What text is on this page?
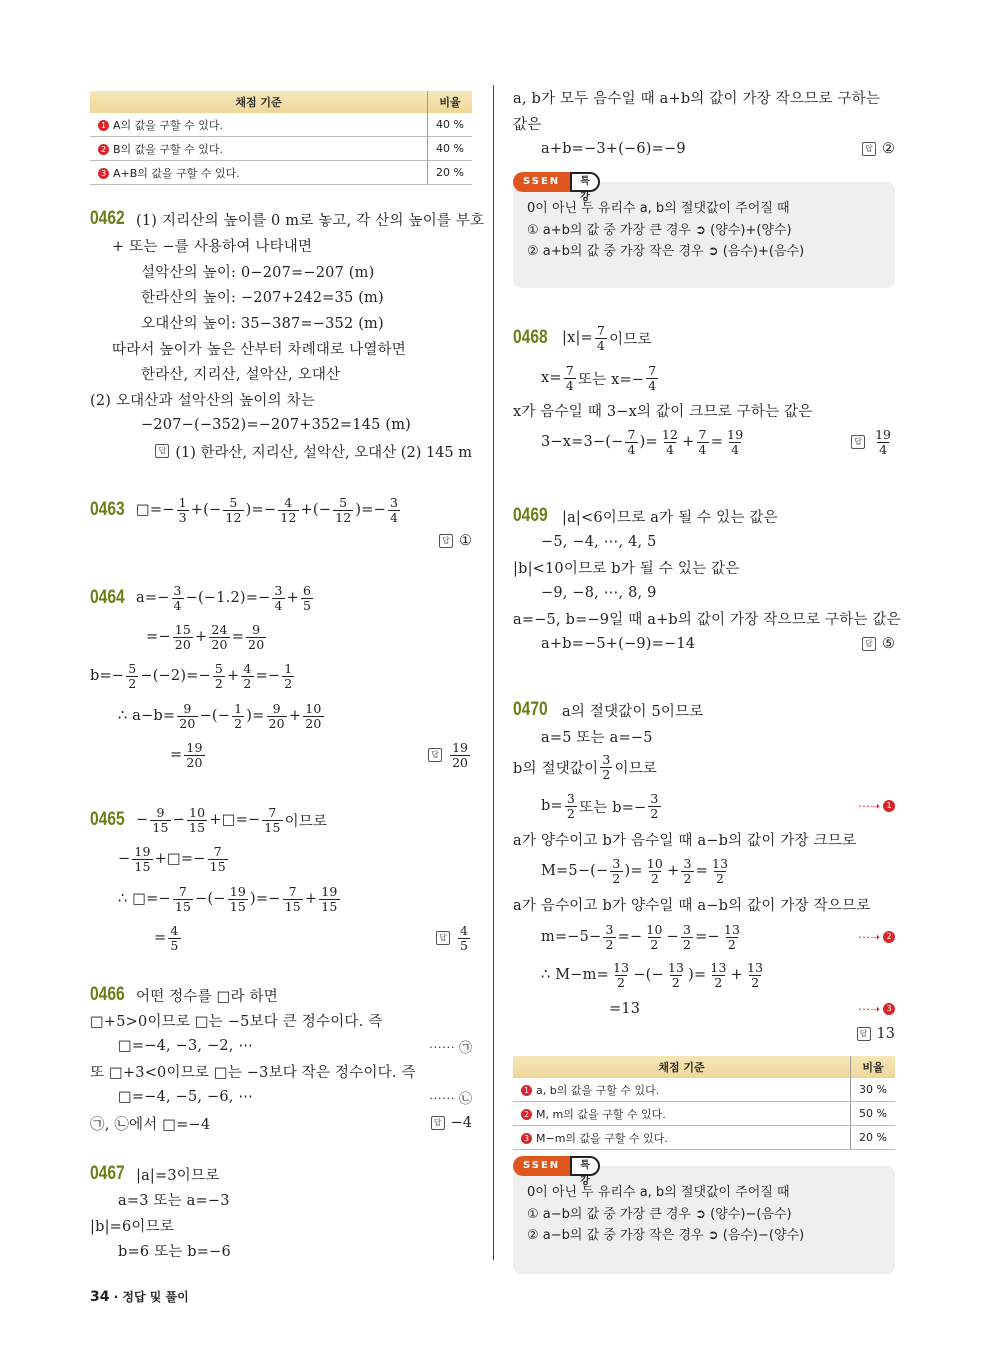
채점 기준	비율
1 A의 값을 구할 수 있다.	40 %
2 B의 값을 구할 수 있다.	40 %
3 A+B의 값을 구할 수 있다.	20 %
채점 기준	비율
1 a, b의 값을 구할 수 있다.	30 %
2 M, m의 값을 구할 수 있다.	50 %
3 M−m의 값을 구할 수 있다.	20 %
SSEN	특강
0이 아닌 두 유리수 a, b의 절댓값이 주어질 때
① a+b의 값 중 가장 큰 경우 ➲ (양수)+(양수)
② a+b의 값 중 가장 작은 경우 ➲ (음수)+(음수)
SSEN	특강
0이 아닌 두 유리수 a, b의 절댓값이 주어질 때
① a−b의 값 중 가장 큰 경우 ➲ (양수)−(음수)
② a−b의 값 중 가장 작은 경우 ➲ (음수)−(양수)
0462 (1) 지리산의 높이를 0 m로 놓고, 각 산의 높이를 부호
+ 또는 −를 사용하여 나타내면
설악산의 높이: 0−207=−207 (m)
한라산의 높이: −207+242=35 (m)
오대산의 높이: 35−387=−352 (m)
따라서 높이가 높은 산부터 차례대로 나열하면
한라산, 지리산, 설악산, 오대산
(2) 오대산과 설악산의 높이의 차는
−207−(−352)=−207+352=145 (m)
답 (1) 한라산, 지리산, 설악산, 오대산 (2) 145 m
0463 □=− $\frac{1}{3}$ +(− $\frac{5}{12}$ )=− $\frac{4}{12}$ +(− $\frac{5}{12}$ )=− $\frac{3}{4}$
답 ①
0464 $a=- \frac{3}{4} -(-1.2)=- \frac{3}{4} + \frac{6}{5}$
=− $\frac{15}{20} + \frac{24}{20} = \frac{9}{20}$
$b=- \frac{5}{2} -(-2)=- \frac{5}{2} + \frac{4}{2} =- \frac{1}{2}$
∴ $a-b= \frac{9}{20}$ −(− $\frac{1}{2}$ )= $\frac{9}{20} + \frac{10}{20}$
= $\frac{19}{20}$	답 $\frac{19}{20}$
$0465 - \frac{9}{15} - \frac{10}{15}$ +□=− $\frac{7}{15}$ 이므로
− $\frac{19}{15}$ +□=− $\frac{7}{15}$
∴ □=− $\frac{7}{15}$ −(− $\frac{19}{15}$ )=− $\frac{7}{15} + \frac{19}{15}$
= $\frac{4}{5}$	답 $\frac{4}{5}$
0466 어떤 정수를 □라 하면
□+5>0이므로 □는 −5보다 큰 정수이다. 즉
□=−4, −3, −2, ⋯	⋯⋯ ㉠
또 □+3<0이므로 □는 −3보다 작은 정수이다. 즉
□=−4, −5, −6, ⋯	⋯⋯ ㉡
㉠, ㉡에서 □=−4	답 −4
0467 |a|=3이므로
a=3 또는 a=−3
|b|=6이므로
b=6 또는 b=−6
a, b가 모두 음수일 때 a+b의 값이 가장 작으므로 구하는
값은
a+b=−3+(−6)=−9	답 ②
0468 $|x|= \frac{7}{4}$ 이므로
$x= \frac{7}{4}$ 또는 $x=- \frac{7}{4}$
x가 음수일 때 3−x의 값이 크므로 구하는 값은
$3-x=3-(- \frac{7}{4}$ )= $\frac{12}{4} + \frac{7}{4} = \frac{19}{4}$	답 $\frac{19}{4}$
0469 |a|<6이므로 a가 될 수 있는 값은
−5, −4, ⋯, 4, 5
|b|<10이므로 b가 될 수 있는 값은
−9, −8, ⋯, 8, 9
a=−5, b=−9일 때 a+b의 값이 가장 작으므로 구하는 값은
a+b=−5+(−9)=−14	답 ⑤
0470 a의 절댓값이 5이므로
a=5 또는 a=−5
b의 절댓값이 $\frac{3}{2}$ 이므로
$b= \frac{3}{2}$ 또는 $b=- \frac{3}{2}$	⋯➝ 1
a가 양수이고 b가 음수일 때 a−b의 값이 가장 크므로
$M=5-(- \frac{3}{2}$ )= $\frac{10}{2} + \frac{3}{2} = \frac{13}{2}$
a가 음수이고 b가 양수일 때 a−b의 값이 가장 작으므로
$m=-5- \frac{3}{2} =- \frac{10}{2} - \frac{3}{2} =- \frac{13}{2}$	⋯➝ 2
∴ $M-m= \frac{13}{2}$ −(− $\frac{13}{2}$ )= $\frac{13}{2} + \frac{13}{2}$
=13	⋯➝ 3
답 13
34 · 정답 및 풀이
